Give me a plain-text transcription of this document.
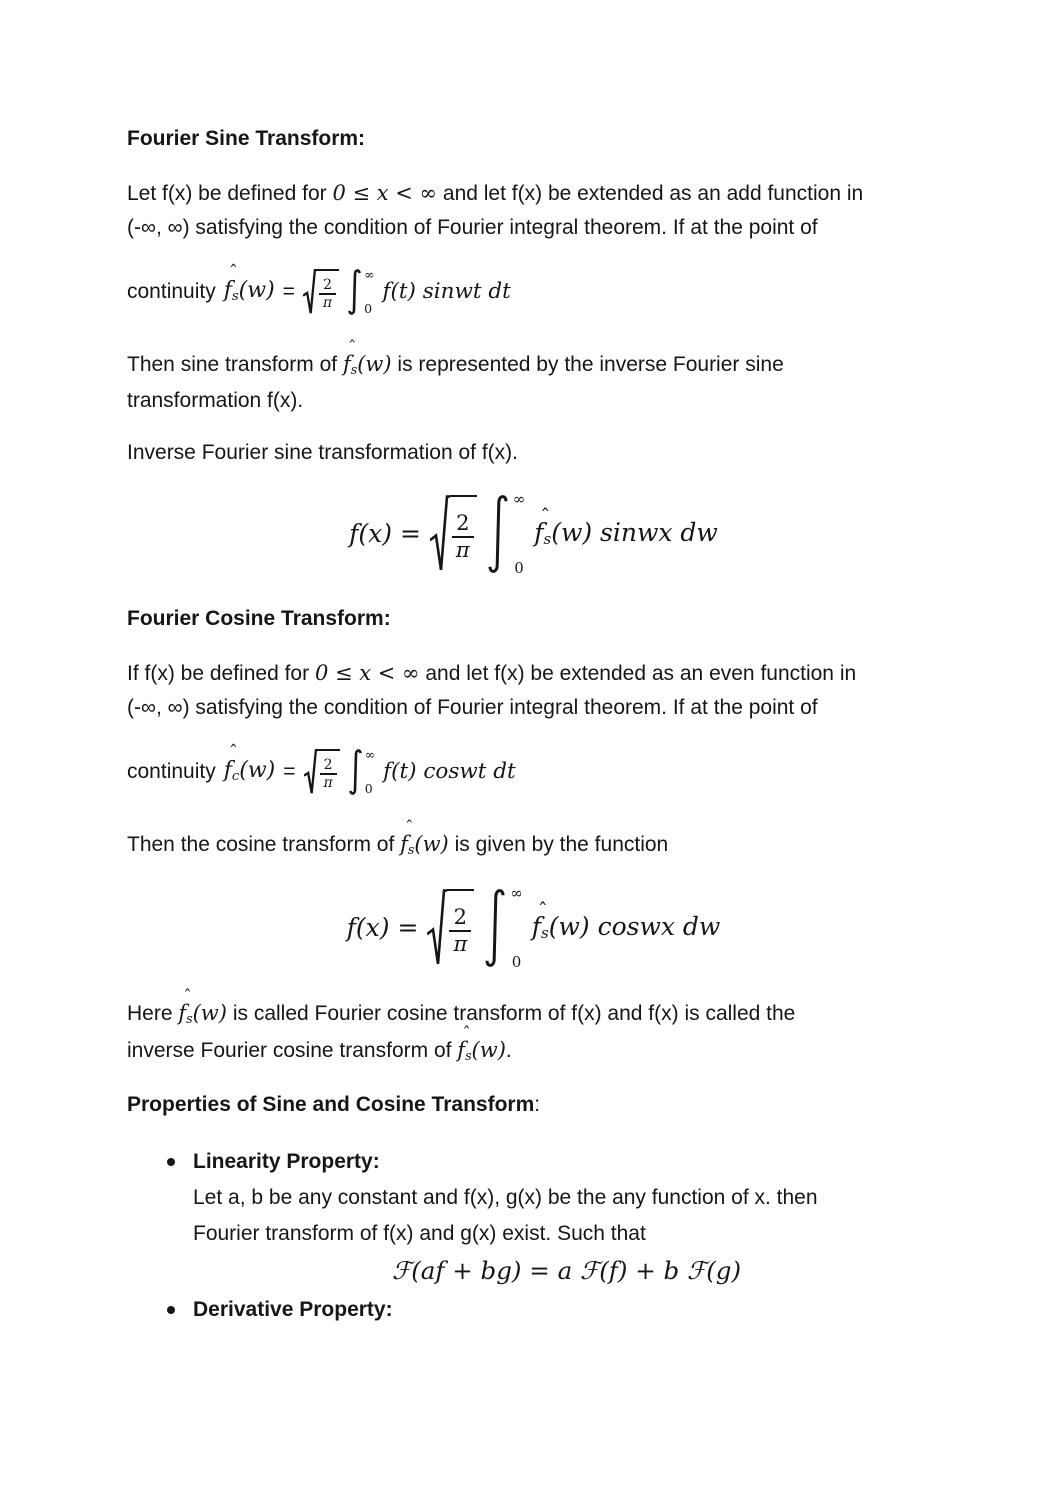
Fourier Sine Transform:
Let f(x) be defined for 0 ≤ x < ∞ and let f(x) be extended as an add function in
(-∞, ∞) satisfying the condition of Fourier integral theorem. If at the point of
continuity
ˆ
fs $(w) = \frac{2}{\pi}$
∞
0
f(t) sinwt dt
Then sine transform of
ˆ
fs(w) is represented by the inverse Fourier sine
transformation f(x).
Inverse Fourier sine transformation of f(x).
$f(x) = \frac{2}{\pi}$
∞
0
ˆ
fs (w) sinwx dw
Fourier Cosine Transform:
If f(x) be defined for 0 ≤ x < ∞ and let f(x) be extended as an even function in
(-∞, ∞) satisfying the condition of Fourier integral theorem. If at the point of
continuity
ˆ
fc $(w) = \frac{2}{\pi}$
∞
0
f(t) coswt dt
Then the cosine transform of
ˆ
fs(w) is given by the function
$f(x) = \frac{2}{\pi}$
∞
0
ˆ
fs (w) coswx dw
Here
ˆ
fs(w) is called Fourier cosine transform of f(x) and f(x) is called the
inverse Fourier cosine transform of
ˆ
fs(w).
Properties of Sine and Cosine Transform:
Linearity Property:
Let a, b be any constant and f(x), g(x) be the any function of x. then
Fourier transform of f(x) and g(x) exist. Such that
ℱ(af + bg) = a ℱ(f) + b ℱ(g)
Derivative Property:
